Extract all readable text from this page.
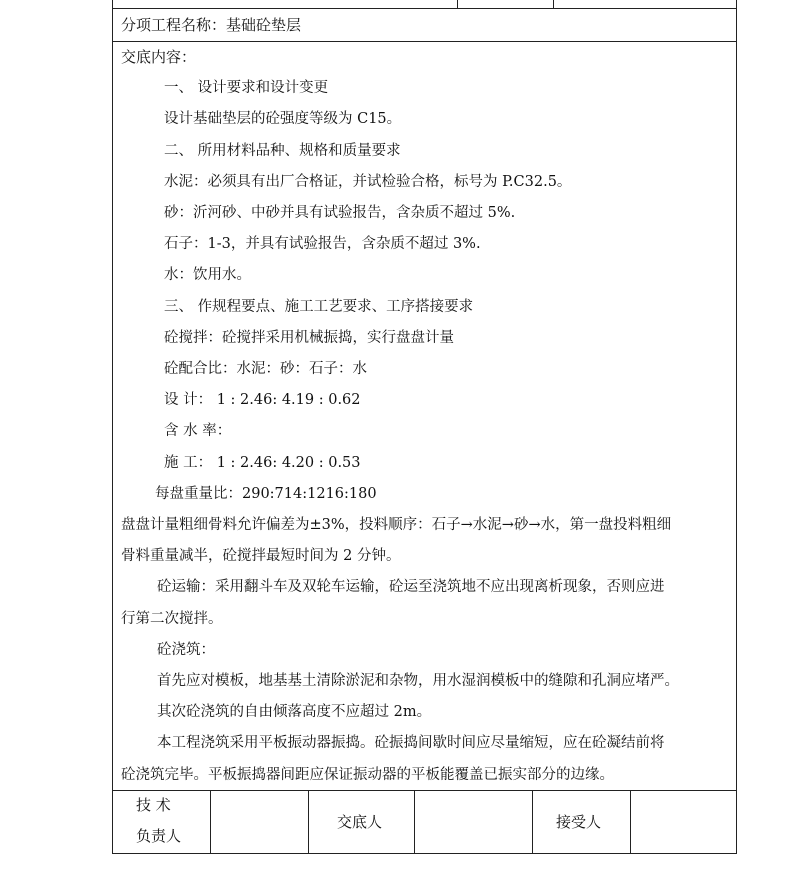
分项工程名称：基础砼垫层
交底内容：
一、 设计要求和设计变更
设计基础垫层的砼强度等级为 C15。
二、 所用材料品种、规格和质量要求
水泥：必须具有出厂合格证，并试检验合格，标号为 P.C32.5。
砂：沂河砂、中砂并具有试验报告，含杂质不超过 5%.
石子：1-3，并具有试验报告，含杂质不超过 3%.
水：饮用水。
三、 作规程要点、施工工艺要求、工序搭接要求
砼搅拌：砼搅拌采用机械振捣，实行盘盘计量
砼配合比：水泥：砂：石子：水
设 计： 1 : 2.46: 4.19 : 0.62
含 水 率：
施 工： 1 : 2.46: 4.20 : 0.53
每盘重量比：290:714:1216:180
盘盘计量粗细骨料允许偏差为±3%，投料顺序：石子→水泥→砂→水，第一盘投料粗细
骨料重量减半，砼搅拌最短时间为 2 分钟。
砼运输：采用翻斗车及双轮车运输，砼运至浇筑地不应出现离析现象，否则应进
行第二次搅拌。
砼浇筑：
首先应对模板，地基基土清除淤泥和杂物，用水湿润模板中的缝隙和孔洞应堵严。
其次砼浇筑的自由倾落高度不应超过 2m。
本工程浇筑采用平板振动器振捣。砼振捣间歇时间应尽量缩短，应在砼凝结前将
砼浇筑完毕。平板振捣器间距应保证振动器的平板能覆盖已振实部分的边缘。
技 术
负责人
交底人	接受人
